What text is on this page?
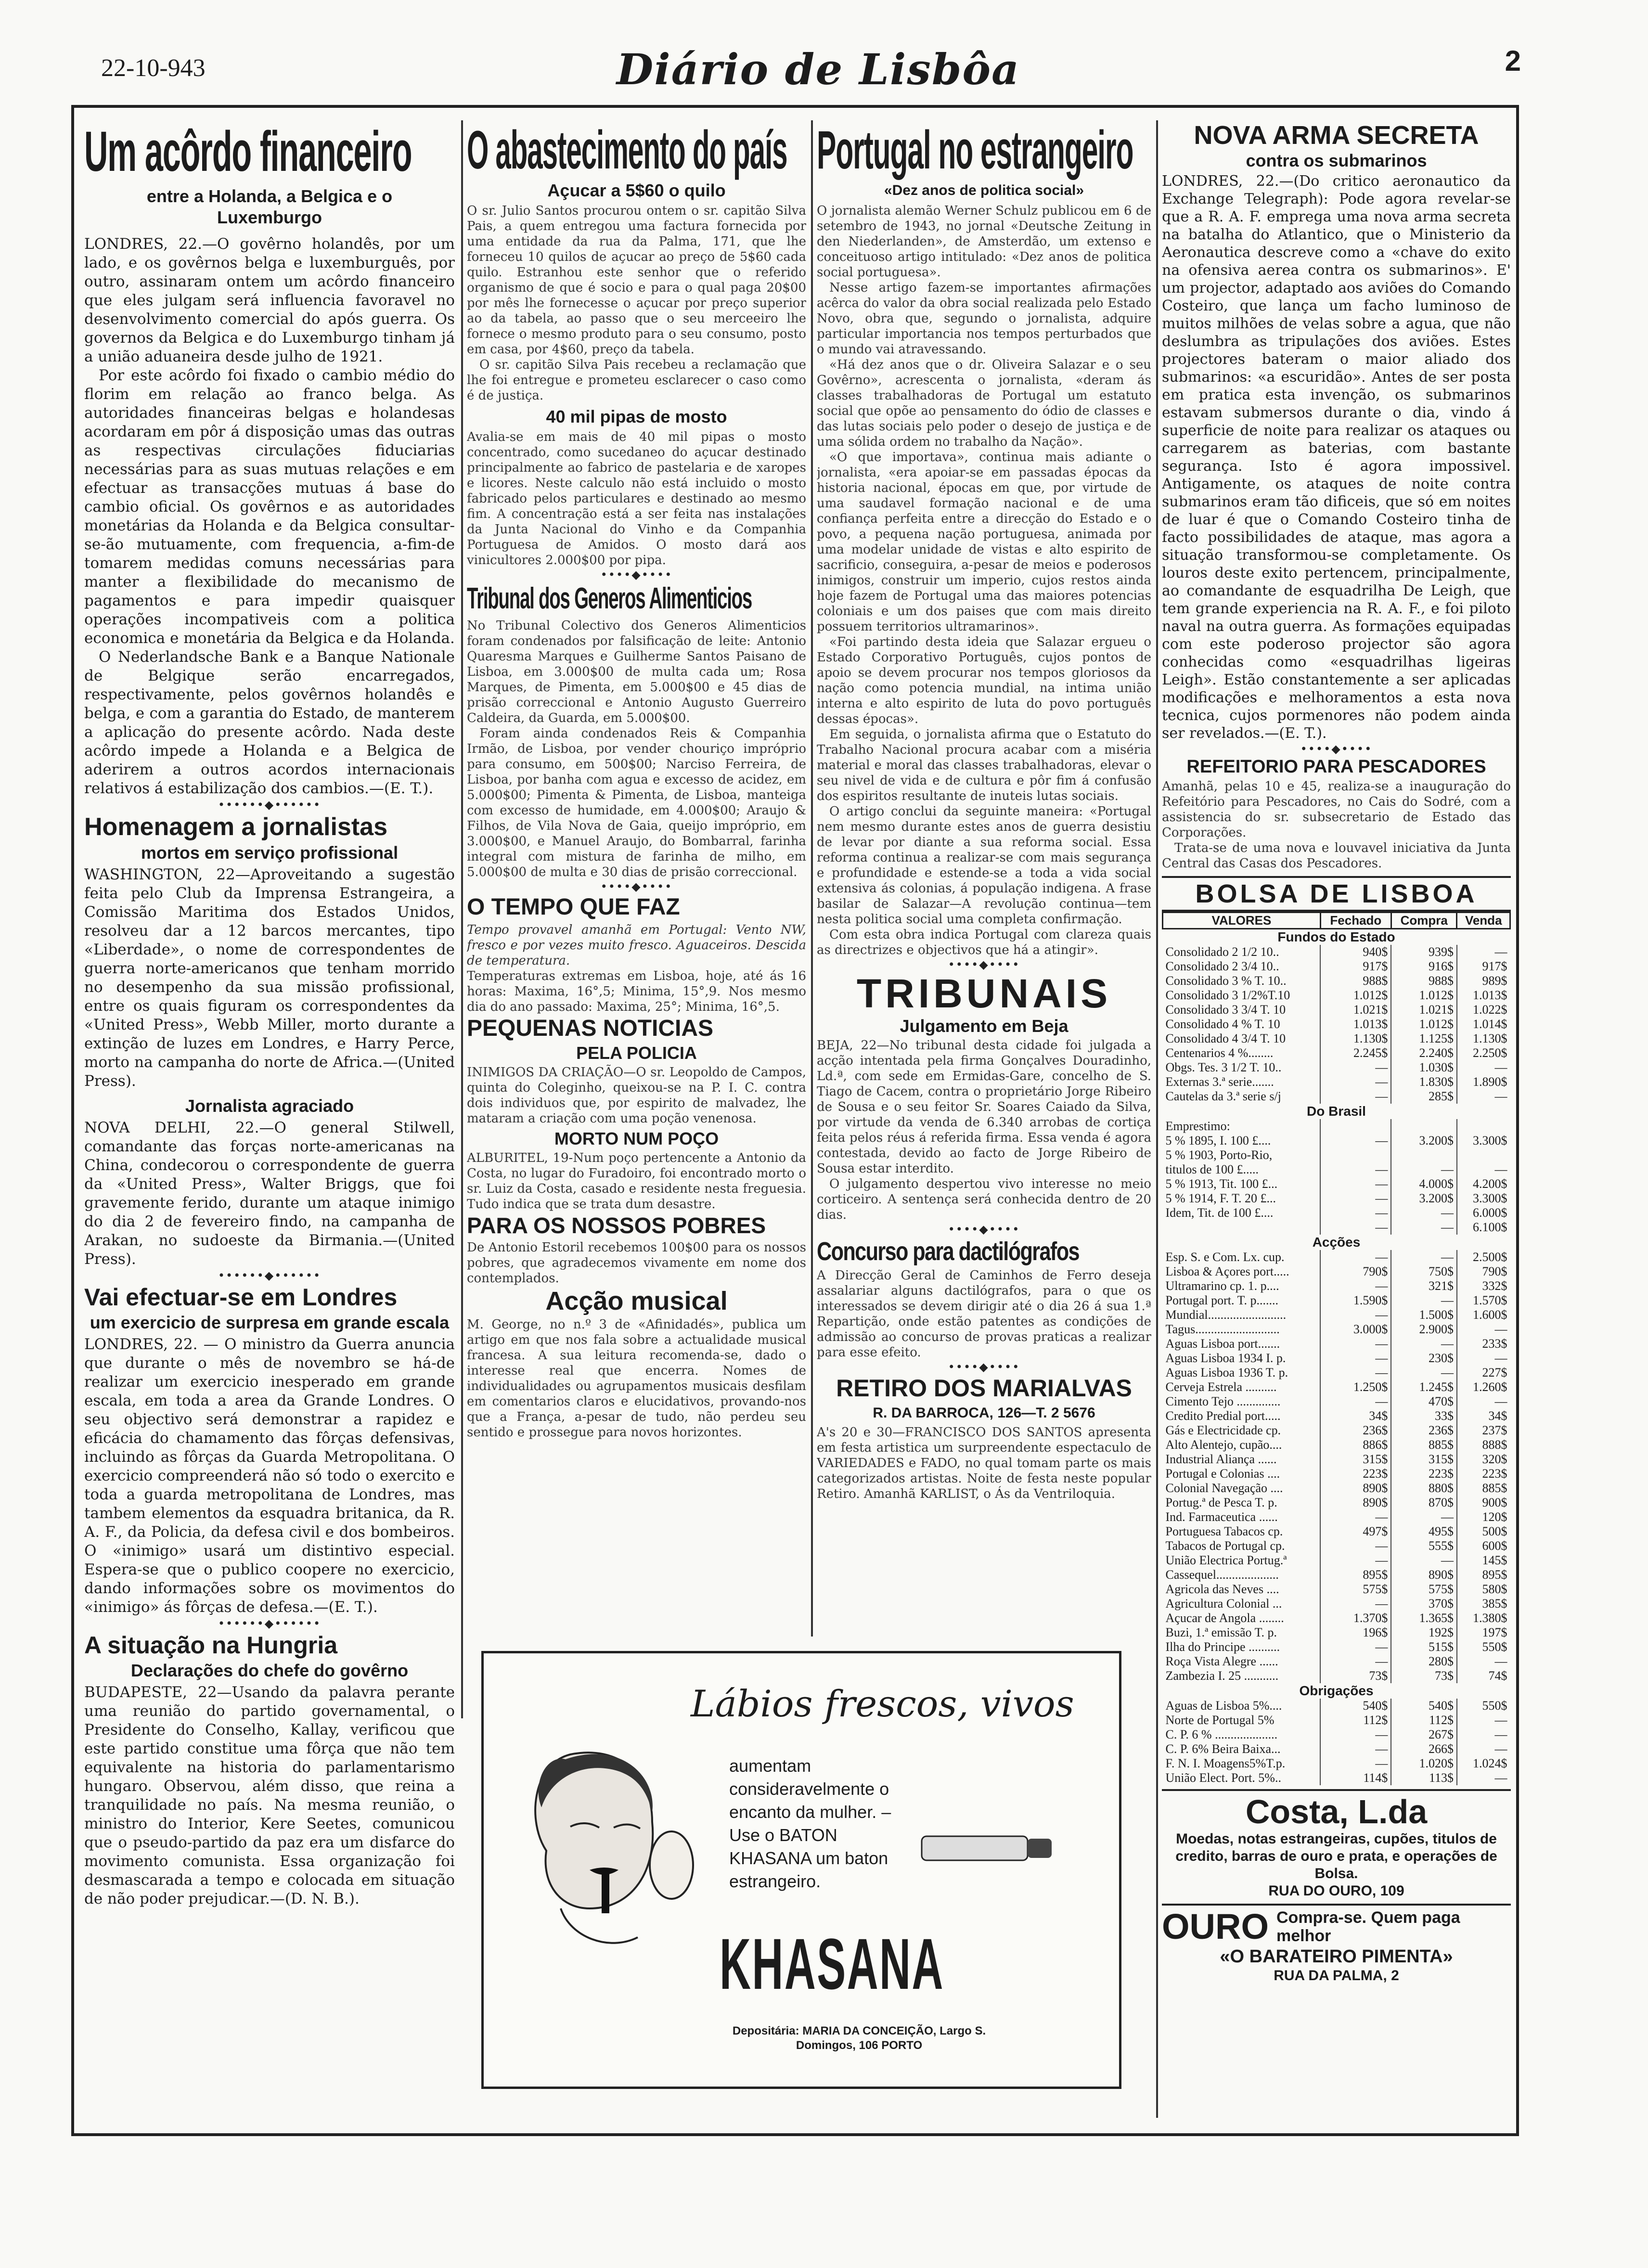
22-10-943	Diário de Lisbôa	2
Um acôrdo financeiro
entre a Holanda, a Belgica e o Luxemburgo

LONDRES, 22.—O govêrno holandês, por um lado, e os govêrnos belga e luxemburguês, por outro, assinaram ontem um acôrdo financeiro que eles julgam será influencia favoravel no desenvolvimento comercial do após guerra. Os governos da Belgica e do Luxemburgo tinham já a união aduaneira desde julho de 1921.

Por este acôrdo foi fixado o cambio médio do florim em relação ao franco belga. As autoridades financeiras belgas e holandesas acordaram em pôr á disposição umas das outras as respectivas circulações fiduciarias necessárias para as suas mutuas relações e em efectuar as transacções mutuas á base do cambio oficial. Os govêrnos e as autoridades monetárias da Holanda e da Belgica consultar-se-ão mutuamente, com frequencia, a-fim-de tomarem medidas comuns necessárias para manter a flexibilidade do mecanismo de pagamentos e para impedir quaisquer operações incompativeis com a politica economica e monetária da Belgica e da Holanda.

O Nederlandsche Bank e a Banque Nationale de Belgique serão encarregados, respectivamente, pelos govêrnos holandês e belga, e com a garantia do Estado, de manterem a aplicação do presente acôrdo. Nada deste acôrdo impede a Holanda e a Belgica de aderirem a outros acordos internacionais relativos á estabilização dos cambios.—(E. T.).

••••••◆••••••
Homenagem a jornalistas
mortos em serviço profissional

WASHINGTON, 22—Aproveitando a sugestão feita pelo Club da Imprensa Estrangeira, a Comissão Maritima dos Estados Unidos, resolveu dar a 12 barcos mercantes, tipo «Liberdade», o nome de correspondentes de guerra norte-americanos que tenham morrido no desempenho da sua missão profissional, entre os quais figuram os correspondentes da «United Press», Webb Miller, morto durante a extinção de luzes em Londres, e Harry Perce, morto na campanha do norte de Africa.—(United Press).

Jornalista agraciado

NOVA DELHI, 22.—O general Stilwell, comandante das forças norte-americanas na China, condecorou o correspondente de guerra da «United Press», Walter Briggs, que foi gravemente ferido, durante um ataque inimigo do dia 2 de fevereiro findo, na campanha de Arakan, no sudoeste da Birmania.—(United Press).

••••••◆••••••
Vai efectuar-se em Londres
um exercicio de surpresa em grande escala

LONDRES, 22. — O ministro da Guerra anuncia que durante o mês de novembro se há-de realizar um exercicio inesperado em grande escala, em toda a area da Grande Londres. O seu objectivo será demonstrar a rapidez e eficácia do chamamento das fôrças defensivas, incluindo as fôrças da Guarda Metropolitana. O exercicio compreenderá não só todo o exercito e toda a guarda metropolitana de Londres, mas tambem elementos da esquadra britanica, da R. A. F., da Policia, da defesa civil e dos bombeiros. O «inimigo» usará um distintivo especial. Espera-se que o publico coopere no exercicio, dando informações sobre os movimentos do «inimigo» ás fôrças de defesa.—(E. T.).

••••••◆••••••
A situação na Hungria
Declarações do chefe do govêrno

BUDAPESTE, 22—Usando da palavra perante uma reunião do partido governamental, o Presidente do Conselho, Kallay, verificou que este partido constitue uma fôrça que não tem equivalente na historia do parlamentarismo hungaro. Observou, além disso, que reina a tranquilidade no país. Na mesma reunião, o ministro do Interior, Kere Seetes, comunicou que o pseudo-partido da paz era um disfarce do movimento comunista. Essa organização foi desmascarada a tempo e colocada em situação de não poder prejudicar.—(D. N. B.).

O abastecimento do país
Açucar a 5$60 o quilo

O sr. Julio Santos procurou ontem o sr. capitão Silva Pais, a quem entregou uma factura fornecida por uma entidade da rua da Palma, 171, que lhe forneceu 10 quilos de açucar ao preço de 5$60 cada quilo. Estranhou este senhor que o referido organismo de que é socio e para o qual paga 20$00 por mês lhe fornecesse o açucar por preço superior ao da tabela, ao passo que o seu merceeiro lhe fornece o mesmo produto para o seu consumo, posto em casa, por 4$60, preço da tabela.

O sr. capitão Silva Pais recebeu a reclamação que lhe foi entregue e prometeu esclarecer o caso como é de justiça.

40 mil pipas de mosto

Avalia-se em mais de 40 mil pipas o mosto concentrado, como sucedaneo do açucar destinado principalmente ao fabrico de pastelaria e de xaropes e licores. Neste calculo não está incluido o mosto fabricado pelos particulares e destinado ao mesmo fim. A concentração está a ser feita nas instalações da Junta Nacional do Vinho e da Companhia Portuguesa de Amidos. O mosto dará aos vinicultores 2.000$00 por pipa.

••••◆••••
Tribunal dos Generos Alimenticios

No Tribunal Colectivo dos Generos Alimenticios foram condenados por falsificação de leite: Antonio Quaresma Marques e Guilherme Santos Paisano de Lisboa, em 3.000$00 de multa cada um; Rosa Marques, de Pimenta, em 5.000$00 e 45 dias de prisão correccional e Antonio Augusto Guerreiro Caldeira, da Guarda, em 5.000$00.

Foram ainda condenados Reis & Companhia Irmão, de Lisboa, por vender chouriço impróprio para consumo, em 500$00; Narciso Ferreira, de Lisboa, por banha com agua e excesso de acidez, em 5.000$00; Pimenta & Pimenta, de Lisboa, manteiga com excesso de humidade, em 4.000$00; Araujo & Filhos, de Vila Nova de Gaia, queijo impróprio, em 3.000$00, e Manuel Araujo, do Bombarral, farinha integral com mistura de farinha de milho, em 5.000$00 de multa e 30 dias de prisão correccional.

••••◆••••
O TEMPO QUE FAZ

Tempo provavel amanhã em Portugal: Vento NW, fresco e por vezes muito fresco. Aguaceiros. Descida de temperatura.

Temperaturas extremas em Lisboa, hoje, até ás 16 horas: Maxima, 16°,5; Minima, 15°,9. Nos mesmo dia do ano passado: Maxima, 25°; Minima, 16°,5.

PEQUENAS NOTICIAS
PELA POLICIA

INIMIGOS DA CRIAÇÃO—O sr. Leopoldo de Campos, quinta do Coleginho, queixou-se na P. I. C. contra dois individuos que, por espirito de malvadez, lhe mataram a criação com uma poção venenosa.

MORTO NUM POÇO

ALBURITEL, 19-Num poço pertencente a Antonio da Costa, no lugar do Furadoiro, foi encontrado morto o sr. Luiz da Costa, casado e residente nesta freguesia. Tudo indica que se trata dum desastre.

PARA OS NOSSOS POBRES

De Antonio Estoril recebemos 100$00 para os nossos pobres, que agradecemos vivamente em nome dos contemplados.

Acção musical

M. George, no n.º 3 de «Afinidadés», publica um artigo em que nos fala sobre a actualidade musical francesa. A sua leitura recomenda-se, dado o interesse real que encerra. Nomes de individualidades ou agrupamentos musicais desfilam em comentarios claros e elucidativos, provando-nos que a França, a-pesar de tudo, não perdeu seu sentido e prossegue para novos horizontes.

Portugal no estrangeiro
«Dez anos de politica social»

O jornalista alemão Werner Schulz publicou em 6 de setembro de 1943, no jornal «Deutsche Zeitung in den Niederlanden», de Amsterdão, um extenso e conceituoso artigo intitulado: «Dez anos de politica social portuguesa».

Nesse artigo fazem-se importantes afirmações acêrca do valor da obra social realizada pelo Estado Novo, obra que, segundo o jornalista, adquire particular importancia nos tempos perturbados que o mundo vai atravessando.

«Há dez anos que o dr. Oliveira Salazar e o seu Govêrno», acrescenta o jornalista, «deram ás classes trabalhadoras de Portugal um estatuto social que opõe ao pensamento do ódio de classes e das lutas sociais pelo poder o desejo de justiça e de uma sólida ordem no trabalho da Nação».

«O que importava», continua mais adiante o jornalista, «era apoiar-se em passadas épocas da historia nacional, épocas em que, por virtude de uma saudavel formação nacional e de uma confiança perfeita entre a direcção do Estado e o povo, a pequena nação portuguesa, animada por uma modelar unidade de vistas e alto espirito de sacrificio, conseguira, a-pesar de meios e poderosos inimigos, construir um imperio, cujos restos ainda hoje fazem de Portugal uma das maiores potencias coloniais e um dos paises que com mais direito possuem territorios ultramarinos».

«Foi partindo desta ideia que Salazar ergueu o Estado Corporativo Português, cujos pontos de apoio se devem procurar nos tempos gloriosos da nação como potencia mundial, na intima união interna e alto espirito de luta do povo português dessas épocas».

Em seguida, o jornalista afirma que o Estatuto do Trabalho Nacional procura acabar com a miséria material e moral das classes trabalhadoras, elevar o seu nivel de vida e de cultura e pôr fim á confusão dos espiritos resultante de inuteis lutas sociais.

O artigo conclui da seguinte maneira: «Portugal nem mesmo durante estes anos de guerra desistiu de levar por diante a sua reforma social. Essa reforma continua a realizar-se com mais segurança e profundidade e estende-se a toda a vida social extensiva ás colonias, á população indigena. A frase basilar de Salazar—A revolução continua—tem nesta politica social uma completa confirmação.

Com esta obra indica Portugal com clareza quais as directrizes e objectivos que há a atingir».

••••◆••••
TRIBUNAIS
Julgamento em Beja

BEJA, 22—No tribunal desta cidade foi julgada a acção intentada pela firma Gonçalves Douradinho, Ld.ª, com sede em Ermidas-Gare, concelho de S. Tiago de Cacem, contra o proprietário Jorge Ribeiro de Sousa e o seu feitor Sr. Soares Caiado da Silva, por virtude da venda de 6.340 arrobas de cortiça feita pelos réus á referida firma. Essa venda é agora contestada, devido ao facto de Jorge Ribeiro de Sousa estar interdito.

O julgamento despertou vivo interesse no meio corticeiro. A sentença será conhecida dentro de 20 dias.

••••◆••••
Concurso para dactilógrafos

A Direcção Geral de Caminhos de Ferro deseja assalariar alguns dactilógrafos, para o que os interessados se devem dirigir até o dia 26 á sua 1.ª Repartição, onde estão patentes as condições de admissão ao concurso de provas praticas a realizar para esse efeito.

••••◆••••
RETIRO DOS MARIALVAS
R. DA BARROCA, 126—T. 2 5676

A's 20 e 30—FRANCISCO DOS SANTOS apresenta em festa artistica um surpreendente espectaculo de VARIEDADES e FADO, no qual tomam parte os mais categorizados artistas. Noite de festa neste popular Retiro. Amanhã KARLIST, o Ás da Ventriloquia.

NOVA ARMA SECRETA
contra os submarinos

LONDRES, 22.—(Do critico aeronautico da Exchange Telegraph): Pode agora revelar-se que a R. A. F. emprega uma nova arma secreta na batalha do Atlantico, que o Ministerio da Aeronautica descreve como a «chave do exito na ofensiva aerea contra os submarinos». E' um projector, adaptado aos aviões do Comando Costeiro, que lança um facho luminoso de muitos milhões de velas sobre a agua, que não deslumbra as tripulações dos aviões. Estes projectores bateram o maior aliado dos submarinos: «a escuridão». Antes de ser posta em pratica esta invenção, os submarinos estavam submersos durante o dia, vindo á superficie de noite para realizar os ataques ou carregarem as baterias, com bastante segurança. Isto é agora impossivel. Antigamente, os ataques de noite contra submarinos eram tão dificeis, que só em noites de luar é que o Comando Costeiro tinha de facto possibilidades de ataque, mas agora a situação transformou-se completamente. Os louros deste exito pertencem, principalmente, ao comandante de esquadrilha De Leigh, que tem grande experiencia na R. A. F., e foi piloto naval na outra guerra. As formações equipadas com este poderoso projector são agora conhecidas como «esquadrilhas ligeiras Leigh». Estão constantemente a ser aplicadas modificações e melhoramentos a esta nova tecnica, cujos pormenores não podem ainda ser revelados.—(E. T.).

••••◆••••
REFEITORIO PARA PESCADORES

Amanhã, pelas 10 e 45, realiza-se a inauguração do Refeitório para Pescadores, no Cais do Sodré, com a assistencia do sr. subsecretario de Estado das Corporações.

Trata-se de uma nova e louvavel iniciativa da Junta Central das Casas dos Pescadores.

BOLSA DE LISBOA
VALORES	Fechado	Compra	Venda
Fundos do Estado			
Consolidado 2 1/2 10..	940$	939$	—
Consolidado 2 3/4 10..	917$	916$	917$
Consolidado 3 % T. 10..	988$	988$	989$
Consolidado 3 1/2%T.10	1.012$	1.012$	1.013$
Consolidado 3 3/4 T. 10	1.021$	1.021$	1.022$
Consolidado 4 % T. 10	1.013$	1.012$	1.014$
Consolidado 4 3/4 T. 10	1.130$	1.125$	1.130$
Centenarios 4 %........	2.245$	2.240$	2.250$
Obgs. Tes. 3 1/2 T. 10..	—	1.030$	—
Externas 3.ª serie.......	—	1.830$	1.890$
Cautelas da 3.ª serie s/j	—	285$	—
Do Brasil			
Emprestimo:			
5 % 1895, I. 100 £....	—	3.200$	3.300$
5 % 1903, Porto-Rio,			
titulos de 100 £.....	—	—	—
5 % 1913, Tit. 100 £...	—	4.000$	4.200$
5 % 1914, F. T. 20 £...	—	3.200$	3.300$
Idem, Tit. de 100 £....	—	—	6.000$
	—	—	6.100$
Acções			
Esp. S. e Com. Lx. cup.	—	—	2.500$
Lisboa & Açores port.....	790$	750$	790$
Ultramarino cp. 1. p....	—	321$	332$
Portugal port. T. p.......	1.590$	—	1.570$
Mundial.........................	—	1.500$	1.600$
Tagus...........................	3.000$	2.900$	—
Aguas Lisboa port.......	—	—	233$
Aguas Lisboa 1934 I. p.	—	230$	—
Aguas Lisboa 1936 T. p.	—	—	227$
Cerveja Estrela ..........	1.250$	1.245$	1.260$
Cimento Tejo ..............	—	470$	—
Credito Predial port.....	34$	33$	34$
Gás e Electricidade cp.	236$	236$	237$
Alto Alentejo, cupão....	886$	885$	888$
Industrial Aliança ......	315$	315$	320$
Portugal e Colonias ....	223$	223$	223$
Colonial Navegação ....	890$	880$	885$
Portug.ª de Pesca T. p.	890$	870$	900$
Ind. Farmaceutica ......	—	—	120$
Portuguesa Tabacos cp.	497$	495$	500$
Tabacos de Portugal cp.	—	555$	600$
União Electrica Portug.ª	—	—	145$
Cassequel....................	895$	890$	895$
Agricola das Neves ....	575$	575$	580$
Agricultura Colonial ...	—	370$	385$
Açucar de Angola ........	1.370$	1.365$	1.380$
Buzi, 1.ª emissão T. p.	196$	192$	197$
Ilha do Principe ..........	—	515$	550$
Roça Vista Alegre ......	—	280$	—
Zambezia I. 25 ...........	73$	73$	74$
Obrigações			
Aguas de Lisboa 5%....	540$	540$	550$
Norte de Portugal 5%	112$	112$	—
C. P. 6 % ....................	—	267$	—
C. P. 6% Beira Baixa...	—	266$	—
F. N. I. Moagens5%T.p.	—	1.020$	1.024$
União Elect. Port. 5%..	114$	113$	—
Costa, L.da
Moedas, notas estrangeiras, cupões, titulos de credito, barras de ouro e prata, e operações de Bolsa.
RUA DO OURO, 109
OURO Compra-se. Quem paga melhor
«O BARATEIRO PIMENTA»
RUA DA PALMA, 2
Lábios frescos, vivos
aumentam consideravelmente o encanto da mulher. – Use o BATON KHASANA um baton estrangeiro.
KHASANA
Depositária: MARIA DA CONCEIÇÃO, Largo S. Domingos, 106 PORTO
